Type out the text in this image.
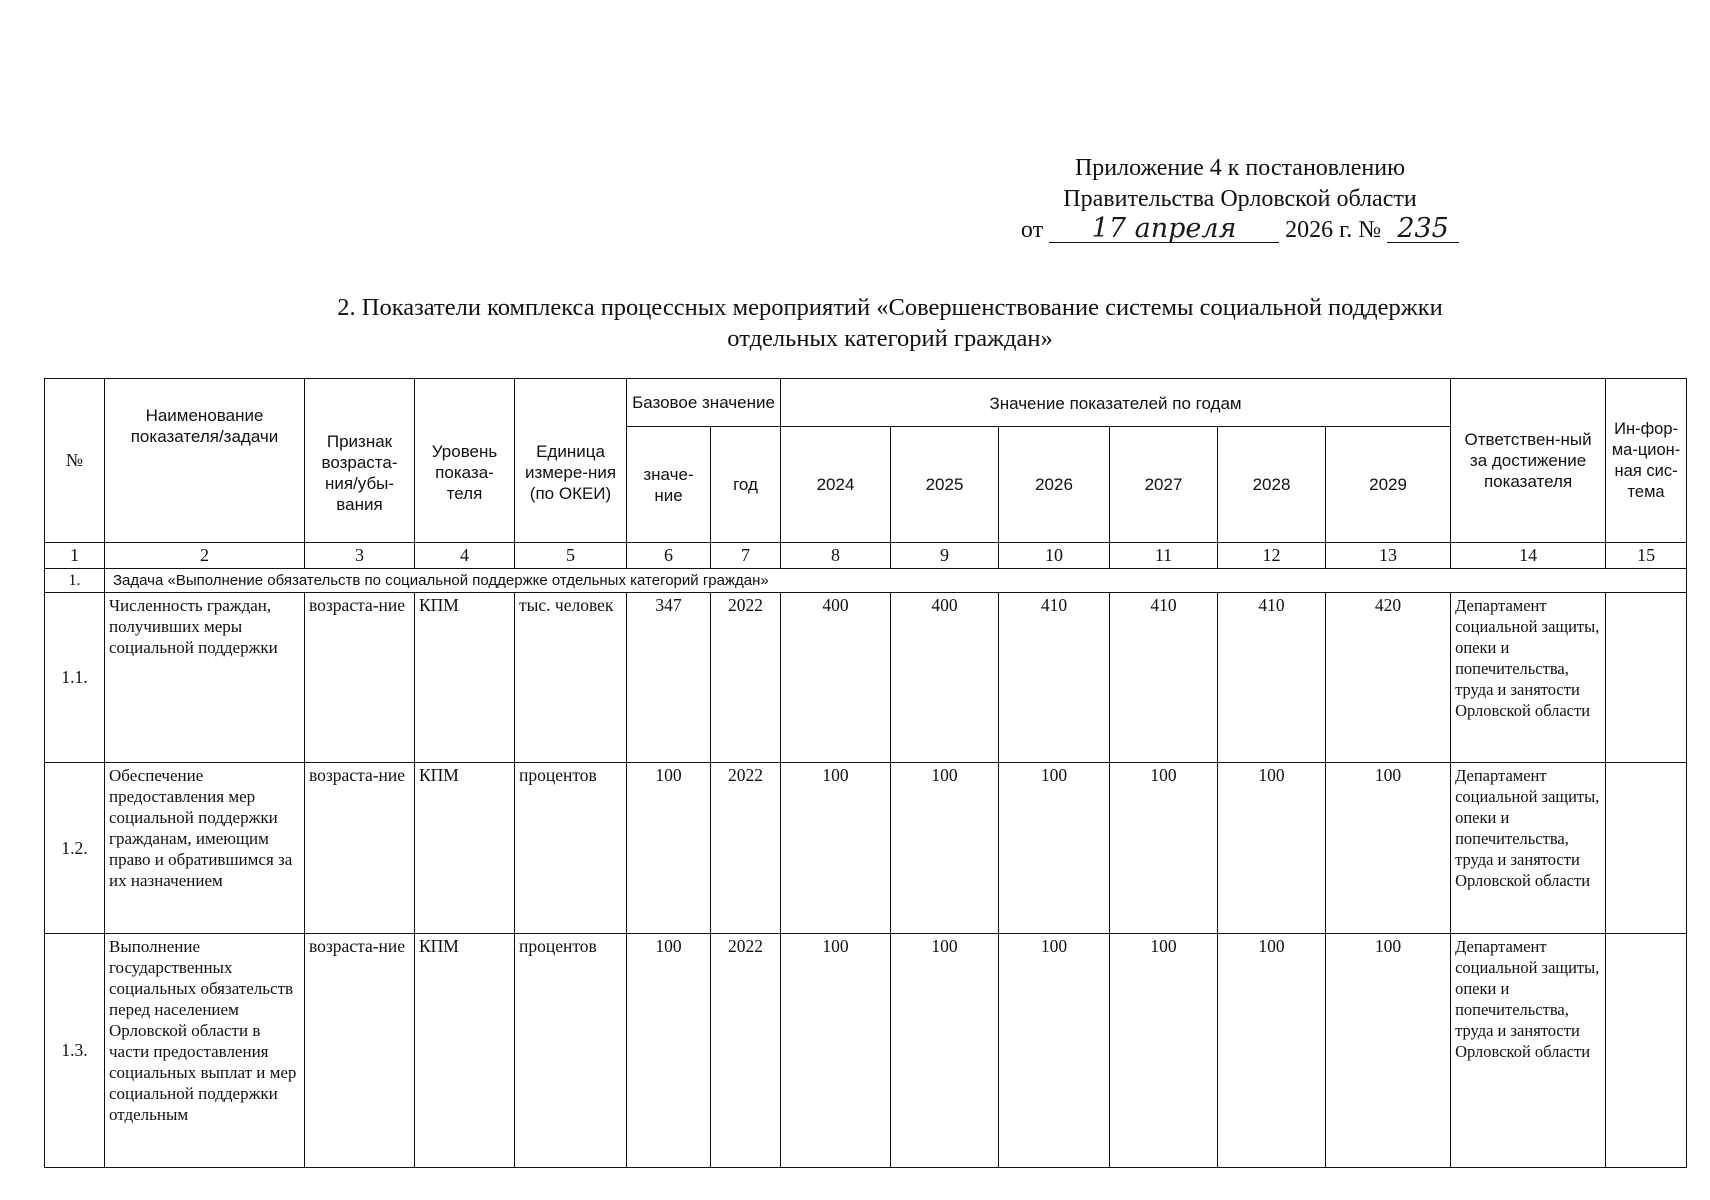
Приложение 4 к постановлению
Правительства Орловской области
от 17 апреля 2026 г. № 235
2. Показатели комплекса процессных мероприятий «Совершенствование системы социальной поддержки
отдельных категорий граждан»
№	Наименование показателя/задачи	Признак возраста-ния/убы-вания	Уровень показа-теля	Единица измере-ния (по ОКЕИ)	Базовое значение		Значение показателей по годам						Ответствен-ный за достижение показателя	Ин-фор-ма-цион-ная сис-тема
					значе-ние	год	2024	2025	2026	2027	2028	2029		
1	2	3	4	5	6	7	8	9	10	11	12	13	14	15
1.	Задача «Выполнение обязательств по социальной поддержке отдельных категорий граждан»													
1.1.	Численность граждан, получивших меры социальной поддержки	возраста-ние	КПМ	тыс. человек	347	2022	400	400	410	410	410	420	Департамент социальной защиты, опеки и попечительства, труда и занятости Орловской области	
1.2.	Обеспечение предоставления мер социальной поддержки гражданам, имеющим право и обратившимся за их назначением	возраста-ние	КПМ	процентов	100	2022	100	100	100	100	100	100	Департамент социальной защиты, опеки и попечительства, труда и занятости Орловской области	
1.3.	Выполнение государственных социальных обязательств перед населением Орловской области в части предоставления социальных выплат и мер социальной поддержки отдельным	возраста-ние	КПМ	процентов	100	2022	100	100	100	100	100	100	Департамент социальной защиты, опеки и попечительства, труда и занятости Орловской области	
